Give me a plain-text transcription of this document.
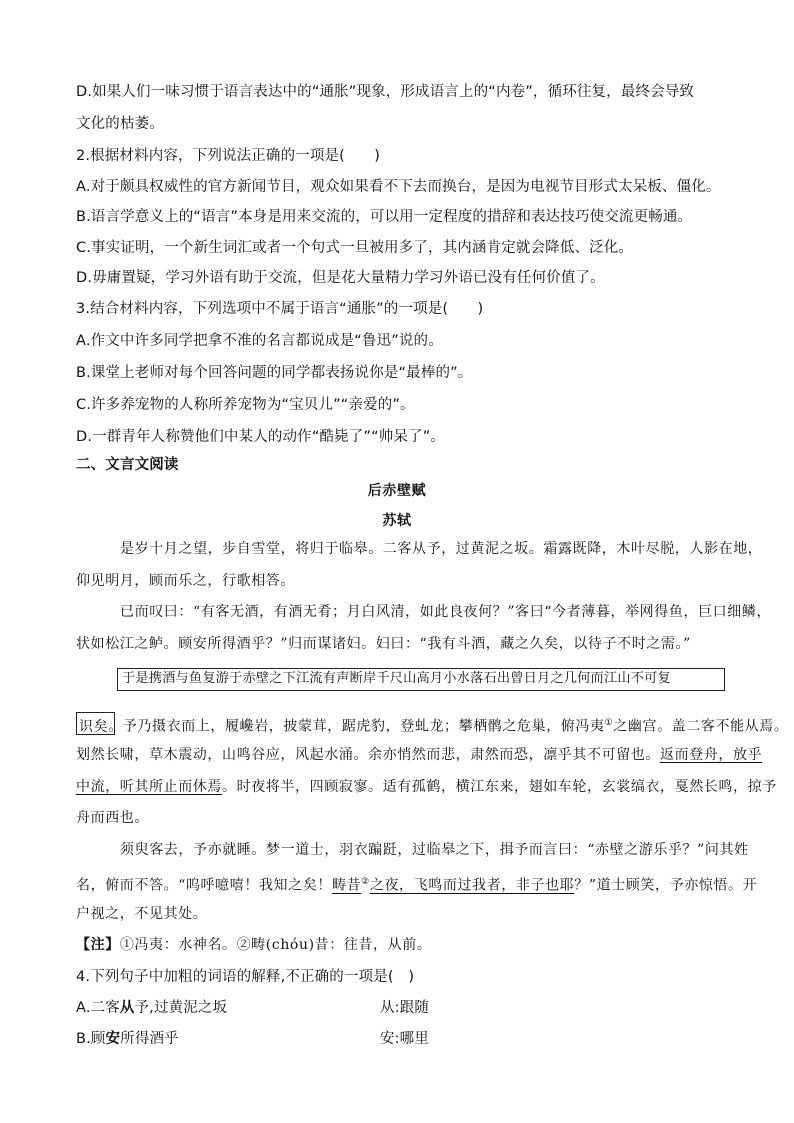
D.如果人们一味习惯于语言表达中的“通胀”现象，形成语言上的“内卷”，循环往复，最终会导致
文化的枯萎。
2.根据材料内容，下列说法正确的一项是(　　)
A.对于颇具权威性的官方新闻节目，观众如果看不下去而换台，是因为电视节目形式太呆板、僵化。
B.语言学意义上的“语言”本身是用来交流的，可以用一定程度的措辞和表达技巧使交流更畅通。
C.事实证明，一个新生词汇或者一个句式一旦被用多了，其内涵肯定就会降低、泛化。
D.毋庸置疑，学习外语有助于交流，但是花大量精力学习外语已没有任何价值了。
3.结合材料内容，下列选项中不属于语言“通胀”的一项是(　　)
A.作文中许多同学把拿不准的名言都说成是“鲁迅”说的。
B.课堂上老师对每个回答问题的同学都表扬说你是“最棒的”。
C.许多养宠物的人称所养宠物为“宝贝儿”“亲爱的”。
D.一群青年人称赞他们中某人的动作“酷毙了”“帅呆了”。
二、文言文阅读
后赤壁赋
苏轼
是岁十月之望，步自雪堂，将归于临皋。二客从予，过黄泥之坂。霜露既降，木叶尽脱，人影在地，
仰见明月，顾而乐之，行歌相答。
已而叹曰：“有客无酒，有酒无肴；月白风清，如此良夜何？”客曰“今者薄暮，举网得鱼，巨口细鳞，
状如松江之鲈。顾安所得酒乎？”归而谋诸妇。妇曰：“我有斗酒，藏之久矣，以待子不时之需。”
于是携酒与鱼复游于赤壁之下江流有声断岸千尺山高月小水落石出曾日月之几何而江山不可复
识矣。予乃摄衣而上，履巉岩，披蒙茸，踞虎豹，登虬龙；攀栖鹘之危巢，俯冯夷①之幽宫。盖二客不能从焉。
划然长啸，草木震动，山鸣谷应，风起水涌。余亦悄然而悲，肃然而恐，凛乎其不可留也。返而登舟，放乎
中流，听其所止而休焉。时夜将半，四顾寂寥。适有孤鹤，横江东来，翅如车轮，玄裳缟衣，戛然长鸣，掠予
舟而西也。
须臾客去，予亦就睡。梦一道士，羽衣蹁跹，过临皋之下，揖予而言曰：“赤壁之游乐乎？”问其姓
名，俯而不答。“呜呼噫嘻！我知之矣！畴昔②之夜，飞鸣而过我者，非子也耶？”道士顾笑，予亦惊悟。开
户视之，不见其处。
【注】①冯夷：水神名。②畴(chóu)昔：往昔，从前。
4.下列句子中加粗的词语的解释,不正确的一项是(　)
A.二客从予,过黄泥之坂	从:跟随
B.顾安所得酒乎	安:哪里
